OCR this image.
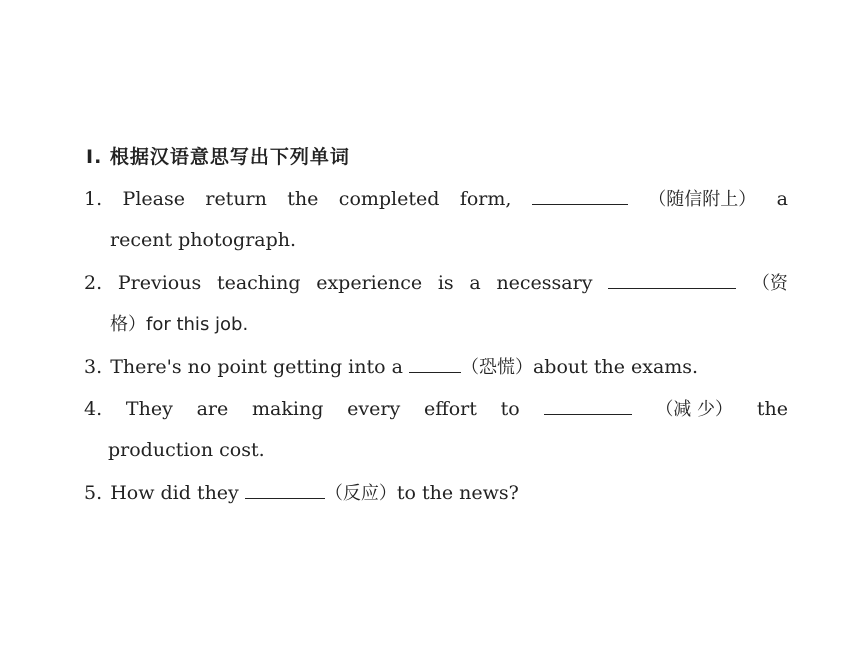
Ⅰ. 根据汉语意思写出下列单词
1. Please return the completed form,	（随信附上） a
recent photograph.
2. Previous teaching experience is a necessary	（资
格）for this job.
3. There's no point getting into a	（恐慌）about the exams.
4. They are making every effort to	（减 少） the
production cost.
5. How did they	（反应）to the news?
